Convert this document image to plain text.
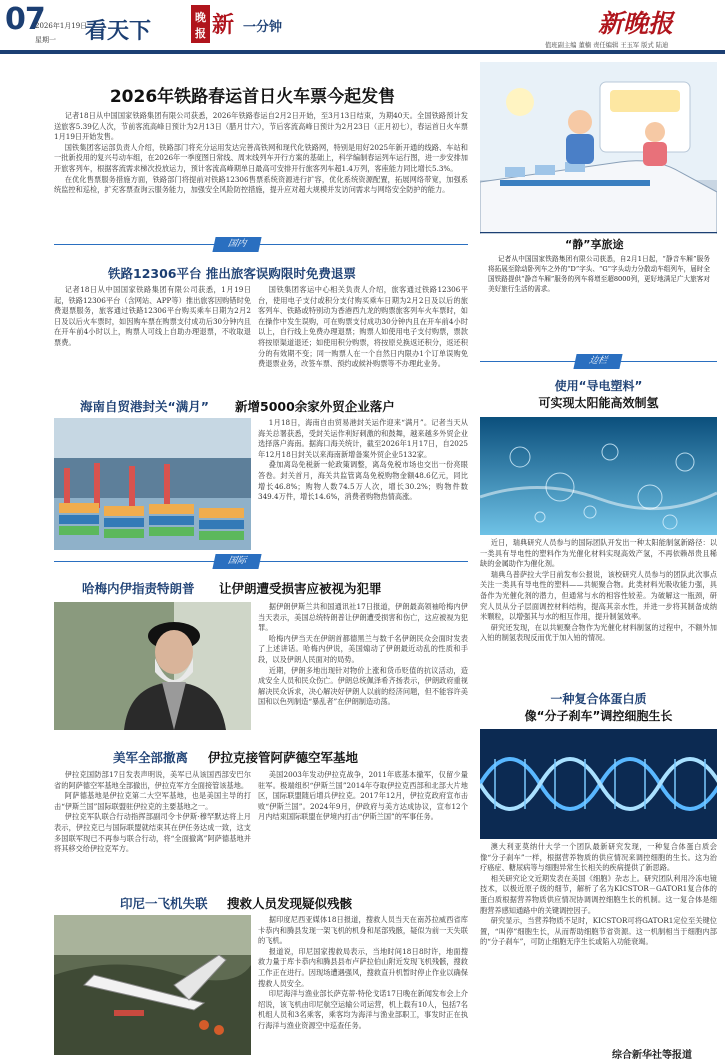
07
2026年1月19日
星期一 看天下
晚
报 新 一分钟	新晚报
值班副主编 董楠 责任编辑 王玉军 版式 陆迪
2026年铁路春运首日火车票今起发售

记者18日从中国国家铁路集团有限公司获悉，2026年铁路春运自2月2日开始，至3月13日结束，为期40天。全国铁路预计发送旅客5.39亿人次，节前客流高峰日预计为2月13日（腊月廿六），节后客流高峰日预计为2月23日（正月初七），春运首日火车票1月19日开始发售。

国铁集团客运部负责人介绍，铁路部门将充分运用发达完善高铁网和现代化铁路网，特别是用好2025年新开通的线路、车站和一批新投用的复兴号动车组，在2026年一季度图日常线、周末线列车开行方案的基础上，科学编制春运列车运行图，进一步安排加开旅客列车，根据客流需求梯次投放运力，预计客流高峰期单日最高可安排开行旅客列车超1.4万列，客座能力同比增长5.3%。

在优化售票服务措施方面，铁路部门将提前对铁路12306售票系统资源进行扩容，优化系统资源配置，拓展网络带宽，加强系统监控和巡检，扩充客票查询云服务能力，加强安全风险防控措施，提升应对超大规模并发访问需求与网络安全防护的能力。

“静”享旅途

记者从中国国家铁路集团有限公司获悉，自2月1日起，“静音车厢”服务将拓展至除动卧列车之外的“D”字头、“G”字头动力分散动车组列车，届时全国铁路提供“静音车厢”服务的列车将增至超8000列，更好地满足广大旅客对美好旅行生活的需求。

国内
铁路12306平台 推出旅客误购限时免费退票

记者18日从中国国家铁路集团有限公司获悉，1月19日起，铁路12306平台（含网站、APP等）推出旅客因购错时免费退票服务，旅客通过铁路12306平台购买乘车日期为2月2日及以后火车票时，如因购车票在购票支付成功后30分钟内且在开车前4小时以上，购票人可线上自助办理退票，不收取退票费。

国铁集团客运中心相关负责人介绍，旅客通过铁路12306平台，使用电子支付或积分支付购买乘车日期为2月2日及以后的旅客列车、铁路或特别动为香港西九龙的购票旅客列车火车票时，如在操作中发生误购，可在购票支付成功30分钟内且在开车前4小时以上，自行线上免费办理退票；购票人如使用电子支付购票，票款将按原渠道退还；如使用积分购票，将按原兑换返还积分，返还积分的有效期不变；同一购票人在一个自然日内限办1个订单误购免费退票业务，改签车票、预约或候补购票等不办理此业务。

海南自贸港封关“满月” 新增5000余家外贸企业落户

1月18日，海南自由贸易港封关运作迎来“满月”。记者当天从海关总署获悉，受封关运作利好刺激的和鼓舞，越来越多外贸企业选择落户海南。据海口海关统计，截至2026年1月17日，自2025年12月18日封关以来海南新增备案外贸企业5132家。

叠加离岛免税新一轮政策调整，离岛免税市场也交出一份亮眼答卷。封关首月，海关共监管离岛免税购物金额48.6亿元，同比增长46.8%；购物人数74.5万人次，增长30.2%；购物件数349.4万件，增长14.6%，消费者购物热情高涨。

国际
哈梅内伊指责特朗普 让伊朗遭受损害应被视为犯罪

据伊朗伊斯兰共和国通讯社17日报道，伊朗最高领袖哈梅内伊当天表示，美国总统特朗普让伊朗遭受损害和伤亡，这应被视为犯罪。

哈梅内伊当天在伊朗首都德黑兰与数千名伊朗民众会面时发表了上述讲话。哈梅内伊说，美国煽动了伊朗最近动乱的性质和手段，以及伊朗人民面对的局势。

近期，伊朗多地出现针对物价上涨和货币贬值的抗议活动，造成安全人员和民众伤亡。伊朗总统佩泽希齐扬表示，伊朗政府重视解决民众诉求，决心解决好伊朗人以前的经济问题，但不能容许美国和以色列制造“暴乱者”在伊朗制造动荡。

美军全部撤离 伊拉克接管阿萨德空军基地

伊拉克国防部17日发表声明说，美军已从该国西部安巴尔省的阿萨德空军基地全部撤出，伊拉克军方全面接管该基地。

阿萨德基地是伊拉克第二大空军基地，也是美国主导的打击“伊斯兰国”国际联盟驻伊拉克的主要基地之一。

伊拉克军队联合行动指挥部副司令卡伊斯·穆罕默达将上月表示，伊拉克已与国际联盟就结束其在伊任务达成一致，这支多国联军现已不再参与联合行动，将“全面撤离”阿萨德基地并将其移交给伊拉克军方。

美国2003年发动伊拉克战争，2011年底基本撤军，仅留少量驻军。极端组织“伊斯兰国”2014年夺取伊拉克西部和北部大片地区，国际联盟随后增兵伊拉克。2017年12月，伊拉克政府宣布击败“伊斯兰国”。2024年9月，伊政府与美方达成协议，宣布12个月内结束国际联盟在伊境内打击“伊斯兰国”的军事任务。

印尼一飞机失联 搜救人员发现疑似残骸

据印度尼西亚媒体18日报道，搜救人员当天在南苏拉威西省库卡恭内和腾县发现一架飞机的机身和尾部残骸，疑似为前一天失联的飞机。

报道说，印尼国家搜救局表示，当地时间18日8时许，地面搜救力量于库卡恭内和腾县县布卢萨拉伯山附近发现飞机残骸，搜救工作正在进行。因现场遭遇强风，搜救直升机暂时停止作业以确保搜救人员安全。

印尼海洋与渔业部长萨克蒂·特伦戈诺17日晚在新闻发布会上介绍说，该飞机由印尼航空运输公司运营，机上载有10人，包括7名机组人员和3名乘客，乘客均为海洋与渔业部职工，事发时正在执行海洋与渔业资源空中巡查任务。

边栏
使用“导电塑料”
可实现太阳能高效制氢

近日，瑞典研究人员参与的国际团队开发出一种太阳能制氢新路径：以一类具有导电性的塑料作为光催化材料实现高效产氢，不再依赖昂贵且稀缺的金属助作为催化剂。

瑞典乌普萨拉大学日前发布公报说，该校研究人员参与的团队此次事点关注一类具有导电性的塑料——共轭聚合物。此类材料光吸收能力强，具备作为光催化剂的潜力，但通常与水的相容性较差。为破解这一瓶颈，研究人员从分子层面调控材料结构，提高其亲水性，并进一步将其制备成纳米颗粒，以增强其与水的相互作用，提升制氢效率。

研究还发现，在以共轭聚合物作为光催化材料制氢的过程中，不额外加入铂的制氢表现反而优于加入铂的情况。

一种复合体蛋白质
像“分子刹车”调控细胞生长

澳大利亚莫纳什大学一个团队最新研究发现，一种复合体蛋白质会像“分子刹车”一样，根据营养物质的供应情况来调控细胞的生长。这为治疗癌症、糖尿病等与细胞异常生长相关的疾病提供了新思路。

相关研究论文近期发表在美国《细胞》杂志上。研究团队利用冷冻电镜技术，以极近原子级的细节，解析了名为KICSTOR－GATOR1复合体的蛋白质根据营养物质供应情况协调调控细胞生长的机制。这一复合体是细胞营养感知通路中的关键调控因子。

研究显示，当营养物质不足时，KICSTOR可将GATOR1定位至关键位置，“叫停”细胞生长，从而帮助细胞节省资源。这一机制相当于细胞内部的“分子刹车”，可防止细胞无序生长或陷入功能衰竭。

综合新华社等报道
